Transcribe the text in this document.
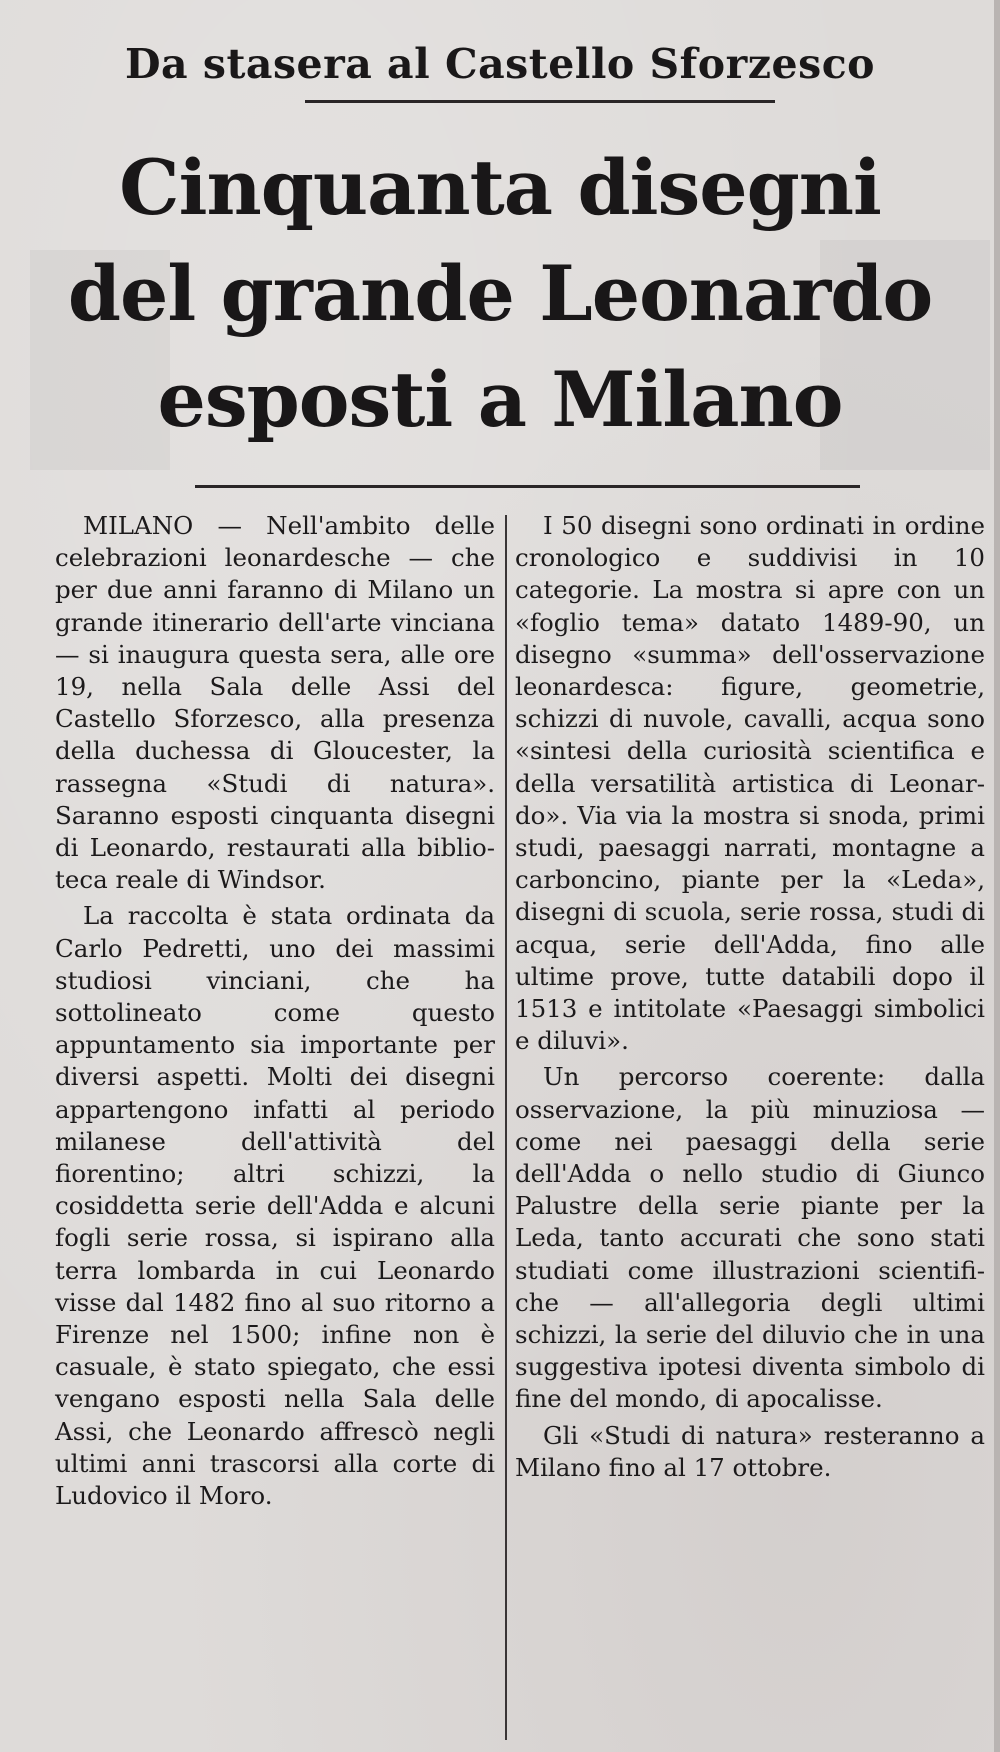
Da stasera al Castello Sforzesco
Cinquanta disegni
del grande Leonardo
esposti a Milano

MILANO — Nell'ambito delle celebrazioni leonardesche — che per due anni faranno di Milano un grande itinerario dell'arte vinciana — si inaugura questa sera, alle ore 19, nella Sala delle Assi del Castello Sforzesco, alla presenza della duchessa di Gloucester, la rassegna «Studi di natura». Saranno esposti cinquanta disegni di Leonardo, restaurati alla biblioteca reale di Windsor.

La raccolta è stata ordinata da Carlo Pedretti, uno dei massimi studiosi vinciani, che ha sottolineato come questo appuntamento sia importante per diversi aspetti. Molti dei disegni appartengono infatti al periodo milanese dell'attività del fiorentino; altri schizzi, la cosiddetta serie dell'Adda e alcuni fogli serie rossa, si ispirano alla terra lombarda in cui Leonardo visse dal 1482 fino al suo ritorno a Firenze nel 1500; infine non è casuale, è stato spiegato, che essi vengano esposti nella Sala delle Assi, che Leonardo affrescò negli ultimi anni trascorsi alla corte di Ludovico il Moro.

I 50 disegni sono ordinati in ordine cronologico e suddivisi in 10 categorie. La mostra si apre con un «foglio tema» datato 1489-90, un disegno «summa» dell'osservazione leonardesca: figure, geometrie, schizzi di nuvole, cavalli, acqua sono «sintesi della curiosità scientifica e della versatilità artistica di Leonardo». Via via la mostra si snoda, primi studi, paesaggi narrati, montagne a carboncino, piante per la «Leda», disegni di scuola, serie rossa, studi di acqua, serie dell'Adda, fino alle ultime prove, tutte databili dopo il 1513 e intitolate «Paesaggi simbolici e diluvi».

Un percorso coerente: dalla osservazione, la più minuziosa — come nei paesaggi della serie dell'Adda o nello studio di Giunco Palustre della serie piante per la Leda, tanto accurati che sono stati studiati come illustrazioni scientifiche — all'allegoria degli ultimi schizzi, la serie del diluvio che in una suggestiva ipotesi diventa simbolo di fine del mondo, di apocalisse.

Gli «Studi di natura» resteranno a Milano fino al 17 ottobre.
